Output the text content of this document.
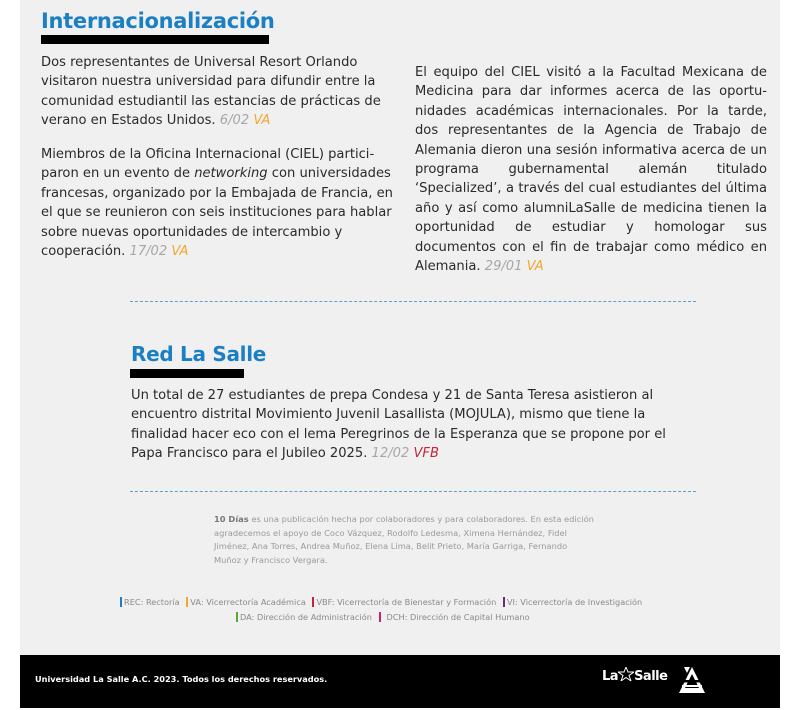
Internacionalización
Dos representantes de Universal Resort Orlando visitaron nuestra universidad para difundir entre la comunidad estudiantil las estancias de prácticas de verano en Estados Unidos. 6/02 VA
Miembros de la Oficina Internacional (CIEL) partici-paron en un evento de networking con universidades francesas, organizado por la Embajada de Francia, en el que se reunieron con seis instituciones para hablar sobre nuevas oportunidades de intercambio y cooperación. 17/02 VA
El equipo del CIEL visitó a la Facultad Mexicana de Medicina para dar informes acerca de las oportu-nidades académicas internacionales. Por la tarde, dos representantes de la Agencia de Trabajo de Alemania dieron una sesión informativa acerca de un programa gubernamental alemán titulado ‘Specialized’, a través del cual estudiantes del última año y así como alumniLaSalle de medicina tienen la oportunidad de estudiar y homologar sus documentos con el fin de trabajar como médico en Alemania. 29/01 VA
Red La Salle
Un total de 27 estudiantes de prepa Condesa y 21 de Santa Teresa asistieron al encuentro distrital Movimiento Juvenil Lasallista (MOJULA), mismo que tiene la finalidad hacer eco con el lema Peregrinos de la Esperanza que se propone por el Papa Francisco para el Jubileo 2025. 12/02 VFB
10 Días es una publicación hecha por colaboradores y para colaboradores. En esta edición agradecemos el apoyo de Coco Vázquez, Rodolfo Ledesma, Ximena Hernández, Fidel Jiménez, Ana Torres, Andrea Muñoz, Elena Lima, Belit Prieto, María Garriga, Fernando Muñoz y Francisco Vergara.
REC: Rectoría VA: Vicerrectoría Académica VBF: Vicerrectoría de Bienestar y Formación VI: Vicerrectoría de Investigación
DA: Dirección de Administración DCH: Dirección de Capital Humano
Universidad La Salle A.C. 2023. Todos los derechos reservados.	La Salle
